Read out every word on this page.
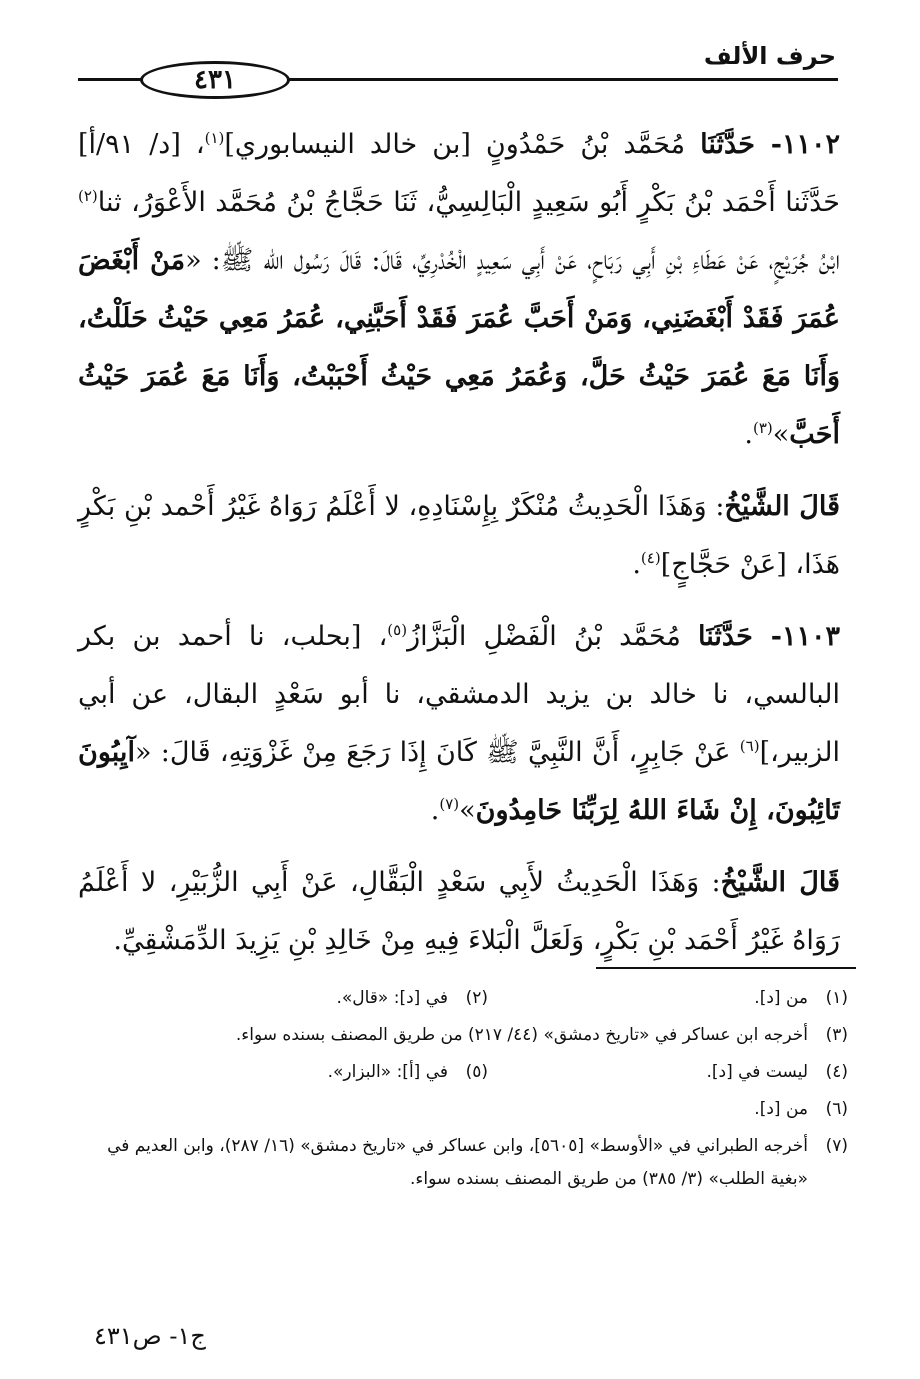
حرف الألف
٤٣١

١١٠٢- حَدَّثَنَا مُحَمَّد بْنُ حَمْدُونٍ [بن خالد النيسابوري]$^{(١)}$، [د/ ٩١/أ] حَدَّثَنا أَحْمَد بْنُ بَكْرٍ أَبُو سَعِيدٍ الْبَالِسِيُّ، ثَنَا حَجَّاجُ بْنُ مُحَمَّد الأَعْوَرُ، ثنا$^{(٢)}$ ابْنُ جُرَيْجٍ، عَنْ عَطَاءِ بْنِ أَبِي رَبَاحٍ، عَنْ أَبِي سَعِيدٍ الْخُدْرِيِّ، قَالَ: قَالَ رَسُول الله ﷺ: «مَنْ أَبْغَضَ عُمَرَ فَقَدْ أَبْغَضَنِي، وَمَنْ أَحَبَّ عُمَرَ فَقَدْ أَحَبَّنِي، عُمَرُ مَعِي حَيْثُ حَلَلْتُ، وَأَنَا مَعَ عُمَرَ حَيْثُ حَلَّ، وَعُمَرُ مَعِي حَيْثُ أَحْبَبْتُ، وَأَنَا مَعَ عُمَرَ حَيْثُ أَحَبَّ»$^{(٣)}$.

قَالَ الشَّيْخُ: وَهَذَا الْحَدِيثُ مُنْكَرٌ بِإِسْنَادِهِ، لا أَعْلَمُ رَوَاهُ غَيْرُ أَحْمد بْنِ بَكْرٍ هَذَا، [عَنْ حَجَّاجٍ]$^{(٤)}$.

١١٠٣- حَدَّثَنَا مُحَمَّد بْنُ الْفَضْلِ الْبَزَّازُ$^{(٥)}$، [بحلب، نا أحمد بن بكر البالسي، نا خالد بن يزيد الدمشقي، نا أبو سَعْدٍ البقال، عن أبي الزبير،]$^{(٦)}$ عَنْ جَابِرٍ، أَنَّ النَّبِيَّ ﷺ كَانَ إِذَا رَجَعَ مِنْ غَزْوَتِهِ، قَالَ: «آيِبُونَ تَائِبُونَ، إِنْ شَاءَ اللهُ لِرَبِّنَا حَامِدُونَ»$^{(٧)}$.

قَالَ الشَّيْخُ: وَهَذَا الْحَدِيثُ لأَبِي سَعْدٍ الْبَقَّالِ، عَنْ أَبِي الزُّبَيْرِ، لا أَعْلَمُ رَوَاهُ غَيْرُ أَحْمَد بْنِ بَكْرٍ، وَلَعَلَّ الْبَلاءَ فِيهِ مِنْ خَالِدِ بْنِ يَزِيدَ الدِّمَشْقِيِّ.

(١)
من [د].
(٢)
في [د]: «قال».
(٣)
أخرجه ابن عساكر في «تاريخ دمشق» (٤٤/ ٢١٧) من طريق المصنف بسنده سواء.
(٤)
ليست في [د].
(٥)
في [أ]: «البزار».
(٦)
من [د].
(٧)
أخرجه الطبراني في «الأوسط» [٥٦٠٥]، وابن عساكر في «تاريخ دمشق» (١٦/ ٢٨٧)، وابن العديم في «بغية الطلب» (٣/ ٣٨٥) من طريق المصنف بسنده سواء.
ج١- ص٤٣١
